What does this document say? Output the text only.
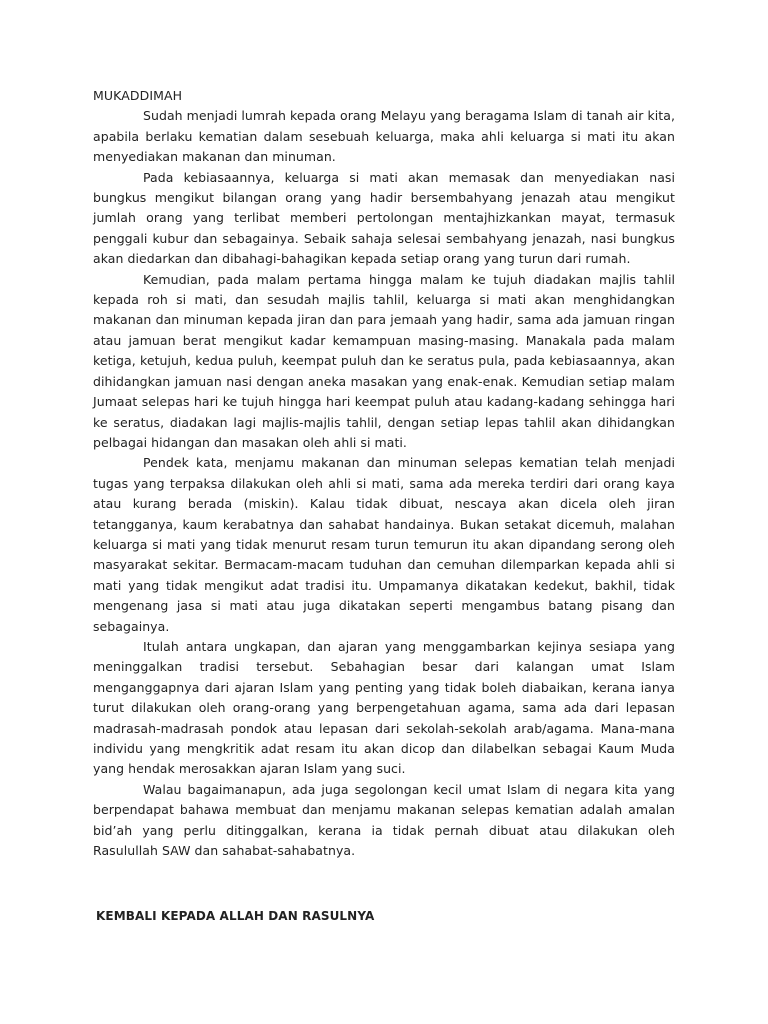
MUKADDIMAH

Sudah menjadi lumrah kepada orang Melayu yang beragama Islam di tanah air kita, apabila berlaku kematian dalam sesebuah keluarga, maka ahli keluarga si mati itu akan menyediakan makanan dan minuman.

Pada kebiasaannya, keluarga si mati akan memasak dan menyediakan nasi bungkus mengikut bilangan orang yang hadir bersembahyang jenazah atau mengikut jumlah orang yang terlibat memberi pertolongan mentajhizkankan mayat, termasuk penggali kubur dan sebagainya. Sebaik sahaja selesai sembahyang jenazah, nasi bungkus akan diedarkan dan dibahagi-bahagikan kepada setiap orang yang turun dari rumah.

Kemudian, pada malam pertama hingga malam ke tujuh diadakan majlis tahlil kepada roh si mati, dan sesudah majlis tahlil, keluarga si mati akan menghidangkan makanan dan minuman kepada jiran dan para jemaah yang hadir, sama ada jamuan ringan atau jamuan berat mengikut kadar kemampuan masing-masing. Manakala pada malam ketiga, ketujuh, kedua puluh, keempat puluh dan ke seratus pula, pada kebiasaannya, akan dihidangkan jamuan nasi dengan aneka masakan yang enak-enak. Kemudian setiap malam Jumaat selepas hari ke tujuh hingga hari keempat puluh atau kadang-kadang sehingga hari ke seratus, diadakan lagi majlis-majlis tahlil, dengan setiap lepas tahlil akan dihidangkan pelbagai hidangan dan masakan oleh ahli si mati.

Pendek kata, menjamu makanan dan minuman selepas kematian telah menjadi tugas yang terpaksa dilakukan oleh ahli si mati, sama ada mereka terdiri dari orang kaya atau kurang berada (miskin). Kalau tidak dibuat, nescaya akan dicela oleh jiran tetangganya, kaum kerabatnya dan sahabat handainya. Bukan setakat dicemuh, malahan keluarga si mati yang tidak menurut resam turun temurun itu akan dipandang serong oleh masyarakat sekitar. Bermacam-macam tuduhan dan cemuhan dilemparkan kepada ahli si mati yang tidak mengikut adat tradisi itu. Umpamanya dikatakan kedekut, bakhil, tidak mengenang jasa si mati atau juga dikatakan seperti mengambus batang pisang dan sebagainya.

Itulah antara ungkapan, dan ajaran yang menggambarkan kejinya sesiapa yang meninggalkan tradisi tersebut. Sebahagian besar dari kalangan umat Islam menganggapnya dari ajaran Islam yang penting yang tidak boleh diabaikan, kerana ianya turut dilakukan oleh orang-orang yang berpengetahuan agama, sama ada dari lepasan madrasah-madrasah pondok atau lepasan dari sekolah-sekolah arab/agama. Mana-mana individu yang mengkritik adat resam itu akan dicop dan dilabelkan sebagai Kaum Muda yang hendak merosakkan ajaran Islam yang suci.

Walau bagaimanapun, ada juga segolongan kecil umat Islam di negara kita yang berpendapat bahawa membuat dan menjamu makanan selepas kematian adalah amalan bid’ah yang perlu ditinggalkan, kerana ia tidak pernah dibuat atau dilakukan oleh Rasulullah SAW dan sahabat-sahabatnya.

KEMBALI KEPADA ALLAH DAN RASULNYA
